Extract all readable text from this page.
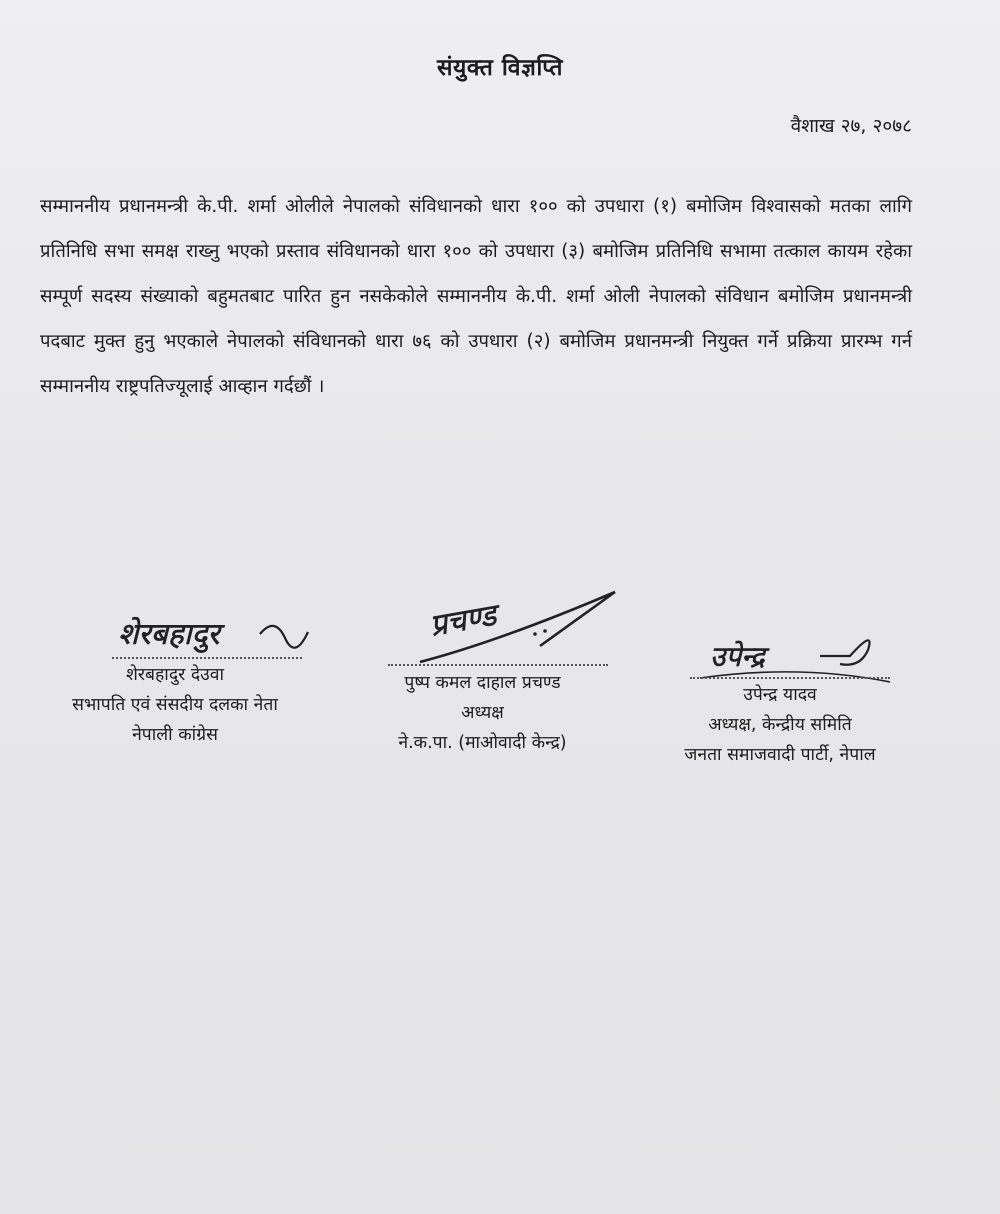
संयुक्त विज्ञप्ति
वैशाख २७, २०७८
सम्माननीय प्रधानमन्त्री के.पी. शर्मा ओलीले नेपालको संविधानको धारा १०० को उपधारा (१) बमोजिम विश्वासको मतका लागि प्रतिनिधि सभा समक्ष राख्नु भएको प्रस्ताव संविधानको धारा १०० को उपधारा (३) बमोजिम प्रतिनिधि सभामा तत्काल कायम रहेका सम्पूर्ण सदस्य संख्याको बहुमतबाट पारित हुन नसकेकोले सम्माननीय के.पी. शर्मा ओली नेपालको संविधान बमोजिम प्रधानमन्त्री पदबाट मुक्त हुनु भएकाले नेपालको संविधानको धारा ७६ को उपधारा (२) बमोजिम प्रधानमन्त्री नियुक्त गर्ने प्रक्रिया प्रारम्भ गर्न सम्माननीय राष्ट्रपतिज्यूलाई आव्हान गर्दछौं ।
शेरबहादुर
शेरबहादुर देउवा
सभापति एवं संसदीय दलका नेता
नेपाली कांग्रेस
प्रचण्ड
पुष्प कमल दाहाल प्रचण्ड
अध्यक्ष
ने.क.पा. (माओवादी केन्द्र)
उपेन्द्र
उपेन्द्र यादव
अध्यक्ष, केन्द्रीय समिति
जनता समाजवादी पार्टी, नेपाल
